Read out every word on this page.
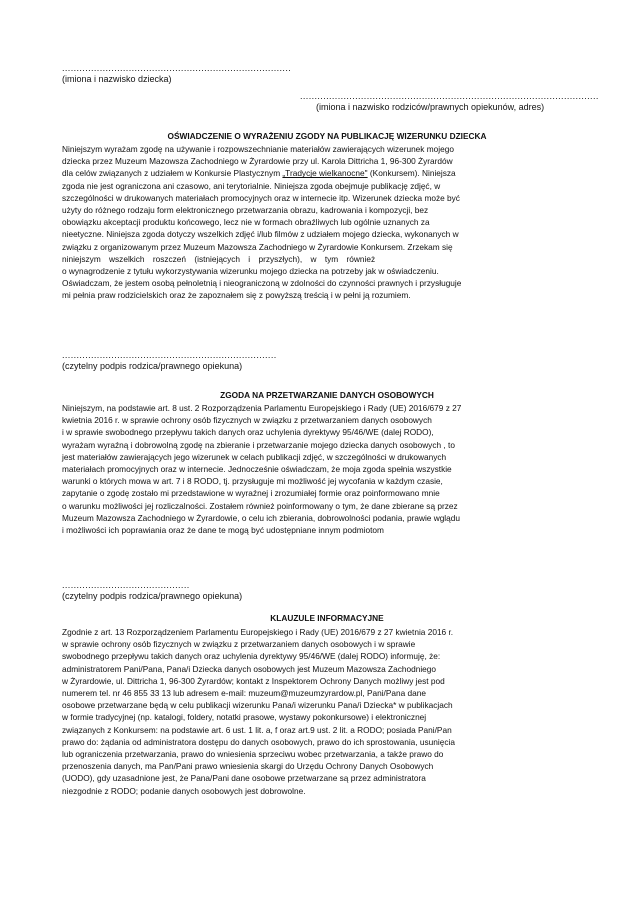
...............................................................................
(imiona i nazwisko dziecka)
.......................................................................................................
(imiona i nazwisko rodziców/prawnych opiekunów, adres)
OŚWIADCZENIE O WYRAŻENIU ZGODY NA PUBLIKACJĘ WIZERUNKU DZIECKA
Niniejszym wyrażam zgodę na używanie i rozpowszechnianie materiałów zawierających wizerunek mojego
dziecka przez Muzeum Mazowsza Zachodniego w Żyrardowie przy ul. Karola Dittricha 1, 96-300 Żyrardów
dla celów związanych z udziałem w Konkursie Plastycznym „Tradycje wielkanocne" (Konkursem). Niniejsza
zgoda nie jest ograniczona ani czasowo, ani terytorialnie. Niniejsza zgoda obejmuje publikację zdjęć, w
szczególności w drukowanych materiałach promocyjnych oraz w internecie itp. Wizerunek dziecka może być
użyty do różnego rodzaju form elektronicznego przetwarzania obrazu, kadrowania i kompozycji, bez
obowiązku akceptacji produktu końcowego, lecz nie w formach obraźliwych lub ogólnie uznanych za
nieetyczne. Niniejsza zgoda dotyczy wszelkich zdjęć i/lub filmów z udziałem mojego dziecka, wykonanych w
związku z organizowanym przez Muzeum Mazowsza Zachodniego w Żyrardowie Konkursem. Zrzekam się
niniejszym wszelkich roszczeń (istniejących i przyszłych), w tym również
o wynagrodzenie z tytułu wykorzystywania wizerunku mojego dziecka na potrzeby jak w oświadczeniu.
Oświadczam, że jestem osobą pełnoletnią i nieograniczoną w zdolności do czynności prawnych i przysługuje
mi pełnia praw rodzicielskich oraz że zapoznałem się z powyższą treścią i w pełni ją rozumiem.
..........................................................................
(czytelny podpis rodzica/prawnego opiekuna)
ZGODA NA PRZETWARZANIE DANYCH OSOBOWYCH
Niniejszym, na podstawie art. 8 ust. 2 Rozporządzenia Parlamentu Europejskiego i Rady (UE) 2016/679 z 27
kwietnia 2016 r. w sprawie ochrony osób fizycznych w związku z przetwarzaniem danych osobowych
i w sprawie swobodnego przepływu takich danych oraz uchylenia dyrektywy 95/46/WE (dalej RODO),
wyrażam wyraźną i dobrowolną zgodę na zbieranie i przetwarzanie mojego dziecka danych osobowych , to
jest materiałów zawierających jego wizerunek w celach publikacji zdjęć, w szczególności w drukowanych
materiałach promocyjnych oraz w internecie. Jednocześnie oświadczam, że moja zgoda spełnia wszystkie
warunki o których mowa w art. 7 i 8 RODO, tj. przysługuje mi możliwość jej wycofania w każdym czasie,
zapytanie o zgodę zostało mi przedstawione w wyraźnej i zrozumiałej formie oraz poinformowano mnie
o warunku możliwości jej rozliczalności. Zostałem również poinformowany o tym, że dane zbierane są przez
Muzeum Mazowsza Zachodniego w Żyrardowie, o celu ich zbierania, dobrowolności podania, prawie wglądu
i możliwości ich poprawiania oraz że dane te mogą być udostępniane innym podmiotom
............................................
(czytelny podpis rodzica/prawnego opiekuna)
KLAUZULE INFORMACYJNE
Zgodnie z art. 13 Rozporządzeniem Parlamentu Europejskiego i Rady (UE) 2016/679 z 27 kwietnia 2016 r.
w sprawie ochrony osób fizycznych w związku z przetwarzaniem danych osobowych i w sprawie
swobodnego przepływu takich danych oraz uchylenia dyrektywy 95/46/WE (dalej RODO) informuję, że:
administratorem Pani/Pana, Pana/i Dziecka danych osobowych jest Muzeum Mazowsza Zachodniego
w Żyrardowie, ul. Dittricha 1, 96-300 Żyrardów; kontakt z Inspektorem Ochrony Danych możliwy jest pod
numerem tel. nr 46 855 33 13 lub adresem e-mail: muzeum@muzeumzyrardow.pl, Pani/Pana dane
osobowe przetwarzane będą w celu publikacji wizerunku Pana/i wizerunku Pana/i Dziecka* w publikacjach
w formie tradycyjnej (np. katalogi, foldery, notatki prasowe, wystawy pokonkursowe) i elektronicznej
związanych z Konkursem: na podstawie art. 6 ust. 1 lit. a, f oraz art.9 ust. 2 lit. a RODO; posiada Pani/Pan
prawo do: żądania od administratora dostępu do danych osobowych, prawo do ich sprostowania, usunięcia
lub ograniczenia przetwarzania, prawo do wniesienia sprzeciwu wobec przetwarzania, a także prawo do
przenoszenia danych, ma Pan/Pani prawo wniesienia skargi do Urzędu Ochrony Danych Osobowych
(UODO), gdy uzasadnione jest, że Pana/Pani dane osobowe przetwarzane są przez administratora
niezgodnie z RODO; podanie danych osobowych jest dobrowolne.
